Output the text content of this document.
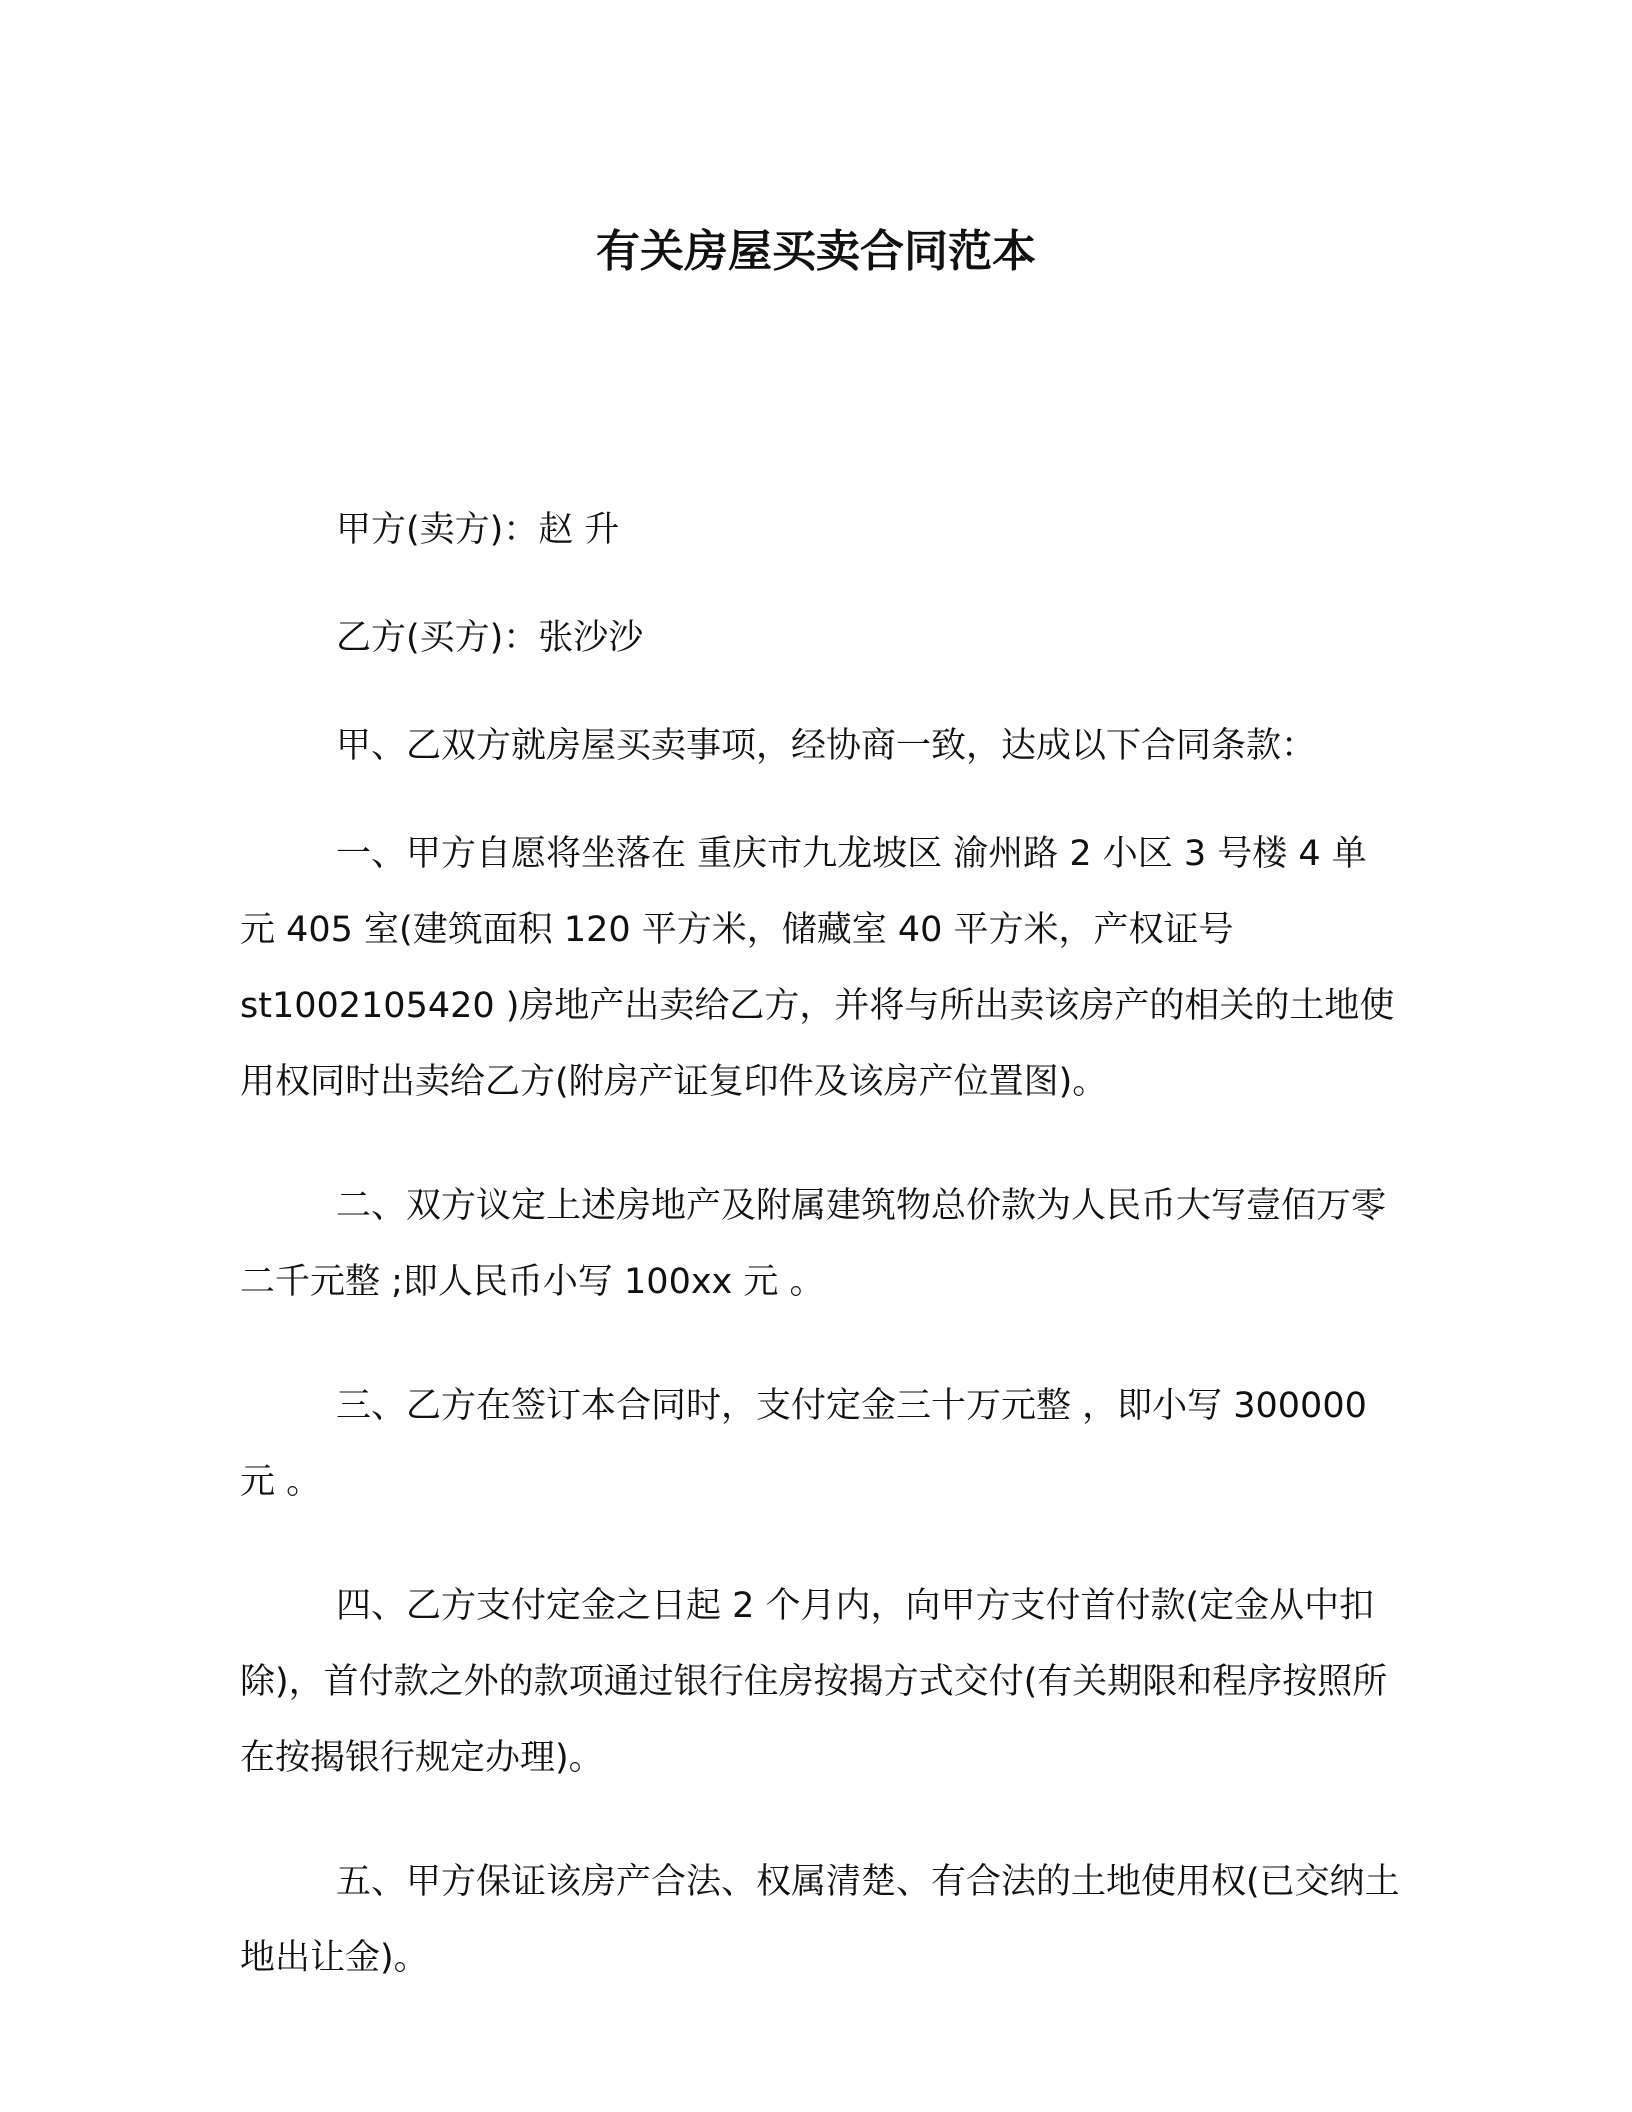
有关房屋买卖合同范本
甲方(卖方)：赵 升
乙方(买方)：张沙沙
甲、乙双方就房屋买卖事项，经协商一致，达成以下合同条款：
一、甲方自愿将坐落在 重庆市九龙坡区 渝州路 2 小区 3 号楼 4 单元 405 室(建筑面积 120 平方米，储藏室 40 平方米，产权证号 st1002105420 )房地产出卖给乙方，并将与所出卖该房产的相关的土地使用权同时出卖给乙方(附房产证复印件及该房产位置图)。
二、双方议定上述房地产及附属建筑物总价款为人民币大写壹佰万零二千元整 ;即人民币小写 100xx 元 。
三、乙方在签订本合同时，支付定金三十万元整 ，即小写 300000 元 。
四、乙方支付定金之日起 2 个月内，向甲方支付首付款(定金从中扣除)，首付款之外的款项通过银行住房按揭方式交付(有关期限和程序按照所在按揭银行规定办理)。
五、甲方保证该房产合法、权属清楚、有合法的土地使用权(已交纳土地出让金)。
